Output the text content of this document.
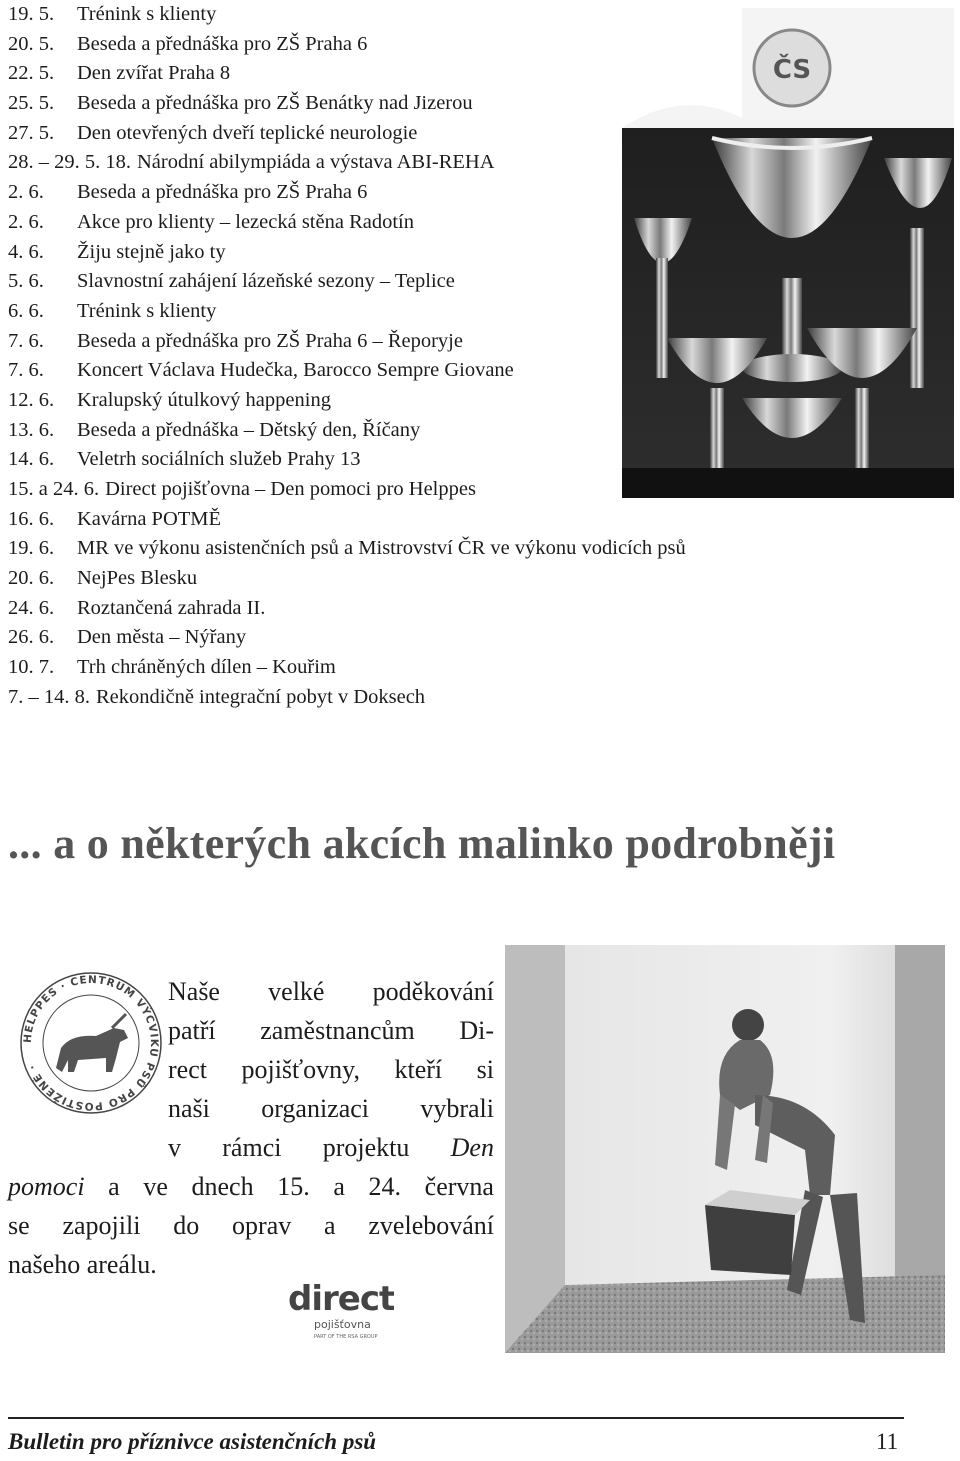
19. 5. Trénink s klienty
20. 5. Beseda a přednáška pro ZŠ Praha 6
22. 5. Den zvířat Praha 8
25. 5. Beseda a přednáška pro ZŠ Benátky nad Jizerou
27. 5. Den otevřených dveří teplické neurologie
28. – 29. 5. 18. Národní abilympiáda a výstava ABI-REHA
2. 6. Beseda a přednáška pro ZŠ Praha 6
2. 6. Akce pro klienty – lezecká stěna Radotín
4. 6. Žiju stejně jako ty
5. 6. Slavnostní zahájení lázeňské sezony – Teplice
6. 6. Trénink s klienty
7. 6. Beseda a přednáška pro ZŠ Praha 6 – Řeporyje
7. 6. Koncert Václava Hudečka, Barocco Sempre Giovane
12. 6. Kralupský útulkový happening
13. 6. Beseda a přednáška – Dětský den, Říčany
14. 6. Veletrh sociálních služeb Prahy 13
15. a 24. 6. Direct pojišťovna – Den pomoci pro Helppes
16. 6. Kavárna POTMĚ
19. 6. MR ve výkonu asistenčních psů a Mistrovství ČR ve výkonu vodicích psů
20. 6. NejPes Blesku
24. 6. Roztančená zahrada II.
26. 6. Den města – Nýřany
10. 7. Trh chráněných dílen – Kouřim
7. – 14. 8. Rekondičně integrační pobyt v Doksech
ČS
... a o některých akcích malinko podrobněji
HELPPES · CENTRUM VÝCVIKU PSŮ PRO POSTIŽENÉ ·
Naše velké poděkování
patří zaměstnancům Di-
rect pojišťovny, kteří si
naši organizaci vybrali
v rámci projektu Den
pomoci a ve dnech 15. a 24. června
se zapojili do oprav a zvelebování
našeho areálu.
direct
pojišťovna
PART OF THE RSA GROUP
Bulletin pro příznivce asistenčních psů	11
